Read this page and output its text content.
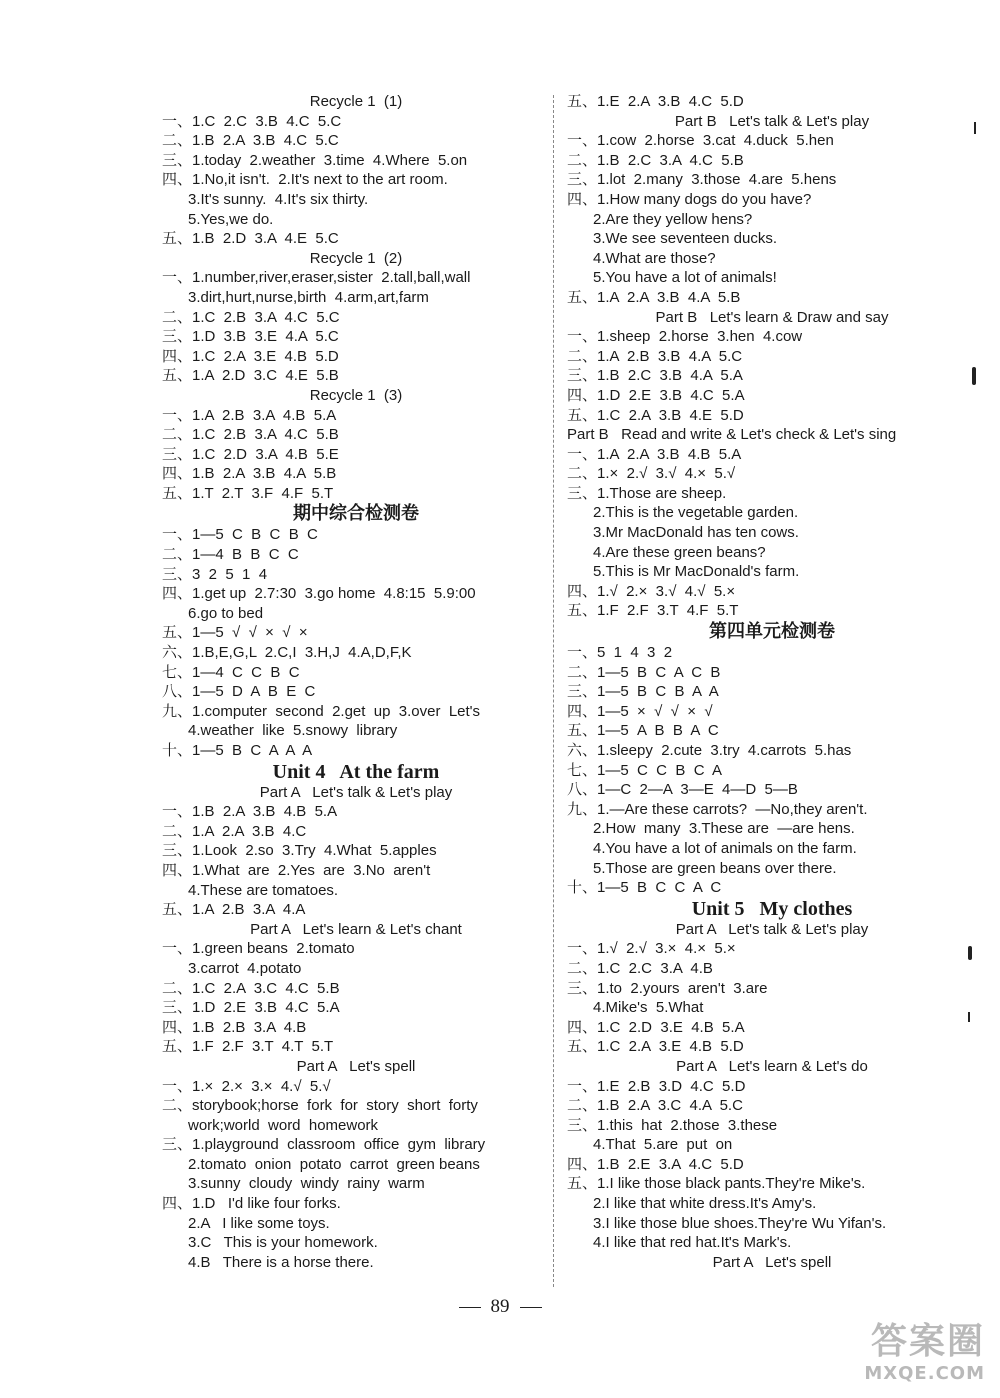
Recycle 1  (1)
一、1.C  2.C  3.B  4.C  5.C
二、1.B  2.A  3.B  4.C  5.C
三、1.today  2.weather  3.time  4.Where  5.on
四、1.No,it isn't.  2.It's next to the art room.
3.It's sunny.  4.It's six thirty.
5.Yes,we do.
五、1.B  2.D  3.A  4.E  5.C
Recycle 1  (2)
一、1.number,river,eraser,sister  2.tall,ball,wall
3.dirt,hurt,nurse,birth  4.arm,art,farm
二、1.C  2.B  3.A  4.C  5.C
三、1.D  3.B  3.E  4.A  5.C
四、1.C  2.A  3.E  4.B  5.D
五、1.A  2.D  3.C  4.E  5.B
Recycle 1  (3)
一、1.A  2.B  3.A  4.B  5.A
二、1.C  2.B  3.A  4.C  5.B
三、1.C  2.D  3.A  4.B  5.E
四、1.B  2.A  3.B  4.A  5.B
五、1.T  2.T  3.F  4.F  5.T
期中综合检测卷
一、1—5  C  B  C  B  C
二、1—4  B  B  C  C
三、3  2  5  1  4
四、1.get up  2.7:30  3.go home  4.8:15  5.9:00
6.go to bed
五、1—5  √  √  ×  √  ×
六、1.B,E,G,L  2.C,I  3.H,J  4.A,D,F,K
七、1—4  C  C  B  C
八、1—5  D  A  B  E  C
九、1.computer  second  2.get  up  3.over  Let's
4.weather  like  5.snowy  library
十、1—5  B  C  A  A  A
Unit 4   At the farm
Part A   Let's talk & Let's play
一、1.B  2.A  3.B  4.B  5.A
二、1.A  2.A  3.B  4.C
三、1.Look  2.so  3.Try  4.What  5.apples
四、1.What  are  2.Yes  are  3.No  aren't
4.These are tomatoes.
五、1.A  2.B  3.A  4.A
Part A   Let's learn & Let's chant
一、1.green beans  2.tomato
3.carrot  4.potato
二、1.C  2.A  3.C  4.C  5.B
三、1.D  2.E  3.B  4.C  5.A
四、1.B  2.B  3.A  4.B
五、1.F  2.F  3.T  4.T  5.T
Part A   Let's spell
一、1.×  2.×  3.×  4.√  5.√
二、storybook;horse  fork  for  story  short  forty
work;world  word  homework
三、1.playground  classroom  office  gym  library
2.tomato  onion  potato  carrot  green beans
3.sunny  cloudy  windy  rainy  warm
四、1.D   I'd like four forks.
2.A   I like some toys.
3.C   This is your homework.
4.B   There is a horse there.
五、1.E  2.A  3.B  4.C  5.D
Part B   Let's talk & Let's play
一、1.cow  2.horse  3.cat  4.duck  5.hen
二、1.B  2.C  3.A  4.C  5.B
三、1.lot  2.many  3.those  4.are  5.hens
四、1.How many dogs do you have?
2.Are they yellow hens?
3.We see seventeen ducks.
4.What are those?
5.You have a lot of animals!
五、1.A  2.A  3.B  4.A  5.B
Part B   Let's learn & Draw and say
一、1.sheep  2.horse  3.hen  4.cow
二、1.A  2.B  3.B  4.A  5.C
三、1.B  2.C  3.B  4.A  5.A
四、1.D  2.E  3.B  4.C  5.A
五、1.C  2.A  3.B  4.E  5.D
Part B   Read and write & Let's check & Let's sing
一、1.A  2.A  3.B  4.B  5.A
二、1.×  2.√  3.√  4.×  5.√
三、1.Those are sheep.
2.This is the vegetable garden.
3.Mr MacDonald has ten cows.
4.Are these green beans?
5.This is Mr MacDonald's farm.
四、1.√  2.×  3.√  4.√  5.×
五、1.F  2.F  3.T  4.F  5.T
第四单元检测卷
一、5  1  4  3  2
二、1—5  B  C  A  C  B
三、1—5  B  C  B  A  A
四、1—5  ×  √  √  ×  √
五、1—5  A  B  B  A  C
六、1.sleepy  2.cute  3.try  4.carrots  5.has
七、1—5  C  C  B  C  A
八、1—C  2—A  3—E  4—D  5—B
九、1.—Are these carrots?  —No,they aren't.
2.How  many  3.These are  —are hens.
4.You have a lot of animals on the farm.
5.Those are green beans over there.
十、1—5  B  C  C  A  C
Unit 5   My clothes
Part A   Let's talk & Let's play
一、1.√  2.√  3.×  4.×  5.×
二、1.C  2.C  3.A  4.B
三、1.to  2.yours  aren't  3.are
4.Mike's  5.What
四、1.C  2.D  3.E  4.B  5.A
五、1.C  2.A  3.E  4.B  5.D
Part A   Let's learn & Let's do
一、1.E  2.B  3.D  4.C  5.D
二、1.B  2.A  3.C  4.A  5.C
三、1.this  hat  2.those  3.these
4.That  5.are  put  on
四、1.B  2.E  3.A  4.C  5.D
五、1.I like those black pants.They're Mike's.
2.I like that white dress.It's Amy's.
3.I like those blue shoes.They're Wu Yifan's.
4.I like that red hat.It's Mark's.
Part A   Let's spell
89
答案圈
MXQE.COM
